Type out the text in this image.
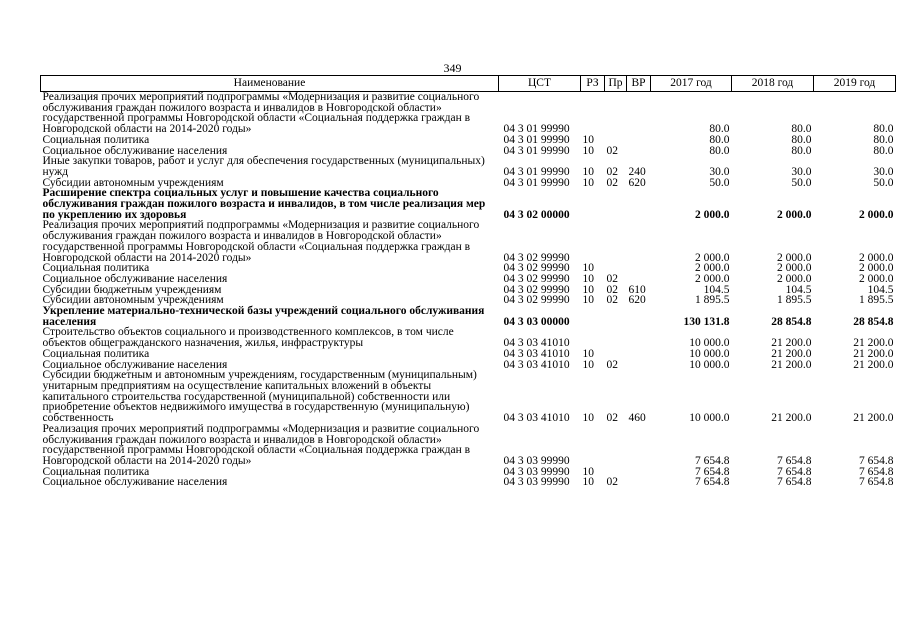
349
Наименование	ЦСТ	РЗ	Пр	ВР	2017 год	2018 год	2019 год
Реализация прочих мероприятий подпрограммы «Модернизация и развитие социального обслуживания граждан пожилого возраста и инвалидов в Новгородской области» государственной программы Новгородской области «Социальная поддержка граждан в Новгородской области на 2014-2020 годы»	04 3 01 99990				80.0	80.0	80.0
Социальная политика	04 3 01 99990	10			80.0	80.0	80.0
Социальное обслуживание населения	04 3 01 99990	10	02		80.0	80.0	80.0
Иные закупки товаров, работ и услуг для обеспечения государственных (муниципальных) нужд	04 3 01 99990	10	02	240	30.0	30.0	30.0
Субсидии автономным учреждениям	04 3 01 99990	10	02	620	50.0	50.0	50.0
Расширение спектра социальных услуг и повышение качества социального обслуживания граждан пожилого возраста и инвалидов, в том числе реализация мер по укреплению их здоровья	04 3 02 00000				2 000.0	2 000.0	2 000.0
Реализация прочих мероприятий подпрограммы «Модернизация и развитие социального обслуживания граждан пожилого возраста и инвалидов в Новгородской области» государственной программы Новгородской области «Социальная поддержка граждан в Новгородской области на 2014-2020 годы»	04 3 02 99990				2 000.0	2 000.0	2 000.0
Социальная политика	04 3 02 99990	10			2 000.0	2 000.0	2 000.0
Социальное обслуживание населения	04 3 02 99990	10	02		2 000.0	2 000.0	2 000.0
Субсидии бюджетным учреждениям	04 3 02 99990	10	02	610	104.5	104.5	104.5
Субсидии автономным учреждениям	04 3 02 99990	10	02	620	1 895.5	1 895.5	1 895.5
Укрепление материально-технической базы учреждений социального обслуживания населения	04 3 03 00000				130 131.8	28 854.8	28 854.8
Строительство объектов социального и производственного комплексов, в том числе объектов общегражданского назначения, жилья, инфраструктуры	04 3 03 41010				10 000.0	21 200.0	21 200.0
Социальная политика	04 3 03 41010	10			10 000.0	21 200.0	21 200.0
Социальное обслуживание населения	04 3 03 41010	10	02		10 000.0	21 200.0	21 200.0
Субсидии бюджетным и автономным учреждениям, государственным (муниципальным) унитарным предприятиям на осуществление капитальных вложений в объекты капитального строительства государственной (муниципальной) собственности или приобретение объектов недвижимого имущества в государственную (муниципальную) собственность	04 3 03 41010	10	02	460	10 000.0	21 200.0	21 200.0
Реализация прочих мероприятий подпрограммы «Модернизация и развитие социального обслуживания граждан пожилого возраста и инвалидов в Новгородской области» государственной программы Новгородской области «Социальная поддержка граждан в Новгородской области на 2014-2020 годы»	04 3 03 99990				7 654.8	7 654.8	7 654.8
Социальная политика	04 3 03 99990	10			7 654.8	7 654.8	7 654.8
Социальное обслуживание населения	04 3 03 99990	10	02		7 654.8	7 654.8	7 654.8
